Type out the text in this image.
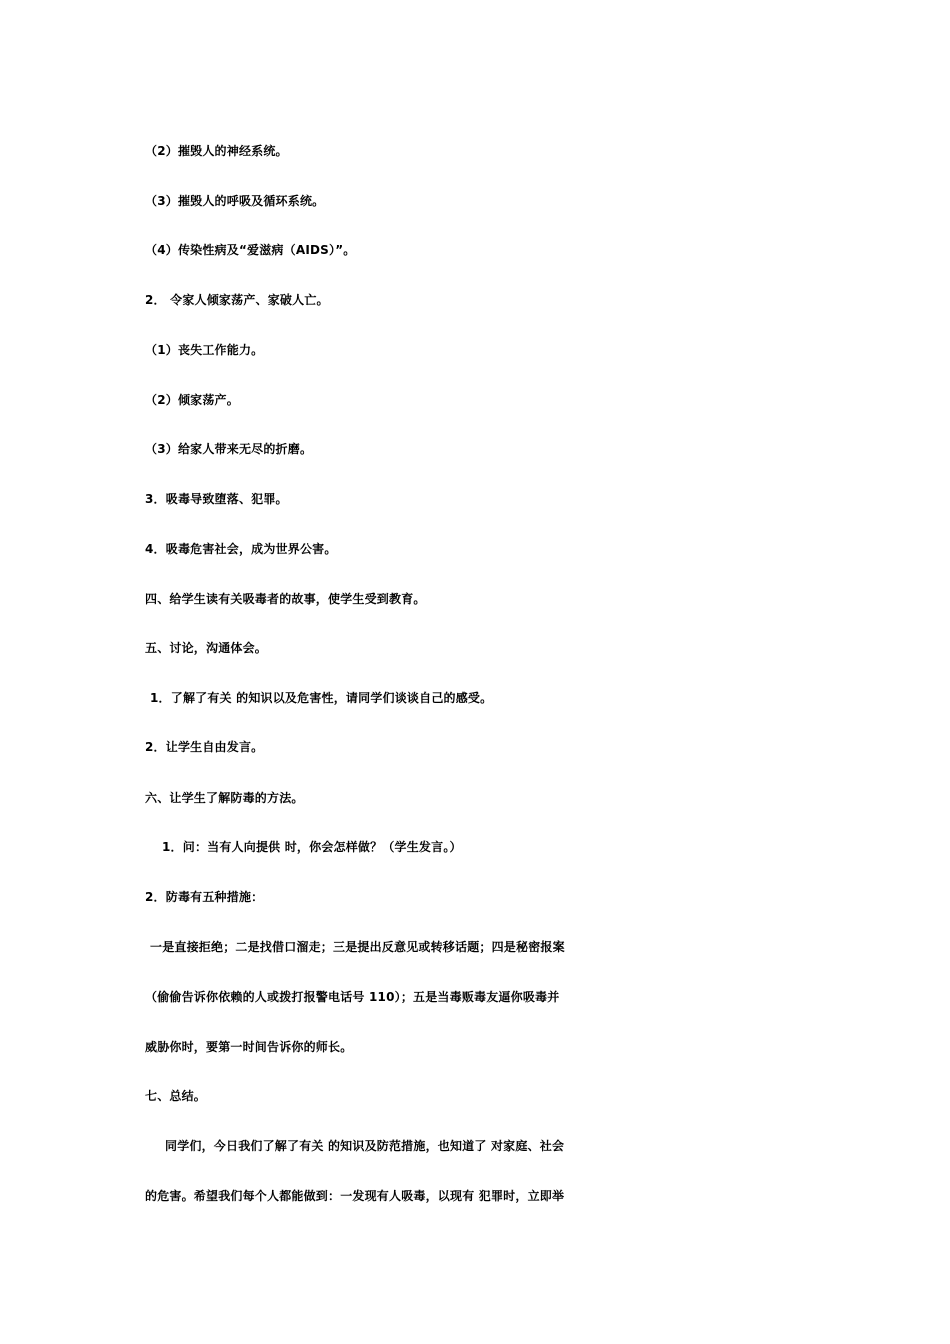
（2）摧毁人的神经系统。
（3）摧毁人的呼吸及循环系统。
（4）传染性病及“爱滋病（AIDS）”。
2． 令家人倾家荡产、家破人亡。
（1）丧失工作能力。
（2）倾家荡产。
（3）给家人带来无尽的折磨。
3．吸毒导致堕落、犯罪。
4．吸毒危害社会，成为世界公害。
四、给学生读有关吸毒者的故事，使学生受到教育。
五、讨论，沟通体会。
1．了解了有关 的知识以及危害性，请同学们谈谈自己的感受。
2．让学生自由发言。
六、让学生了解防毒的方法。
1．问：当有人向提供 时，你会怎样做？（学生发言。）
2．防毒有五种措施：
一是直接拒绝；二是找借口溜走；三是提出反意见或转移话题；四是秘密报案
（偷偷告诉你依赖的人或拨打报警电话号 110）；五是当毒贩毒友逼你吸毒并
威胁你时，要第一时间告诉你的师长。
七、总结。
同学们，今日我们了解了有关 的知识及防范措施，也知道了 对家庭、社会
的危害。希望我们每个人都能做到：一发现有人吸毒，以现有 犯罪时，立即举
